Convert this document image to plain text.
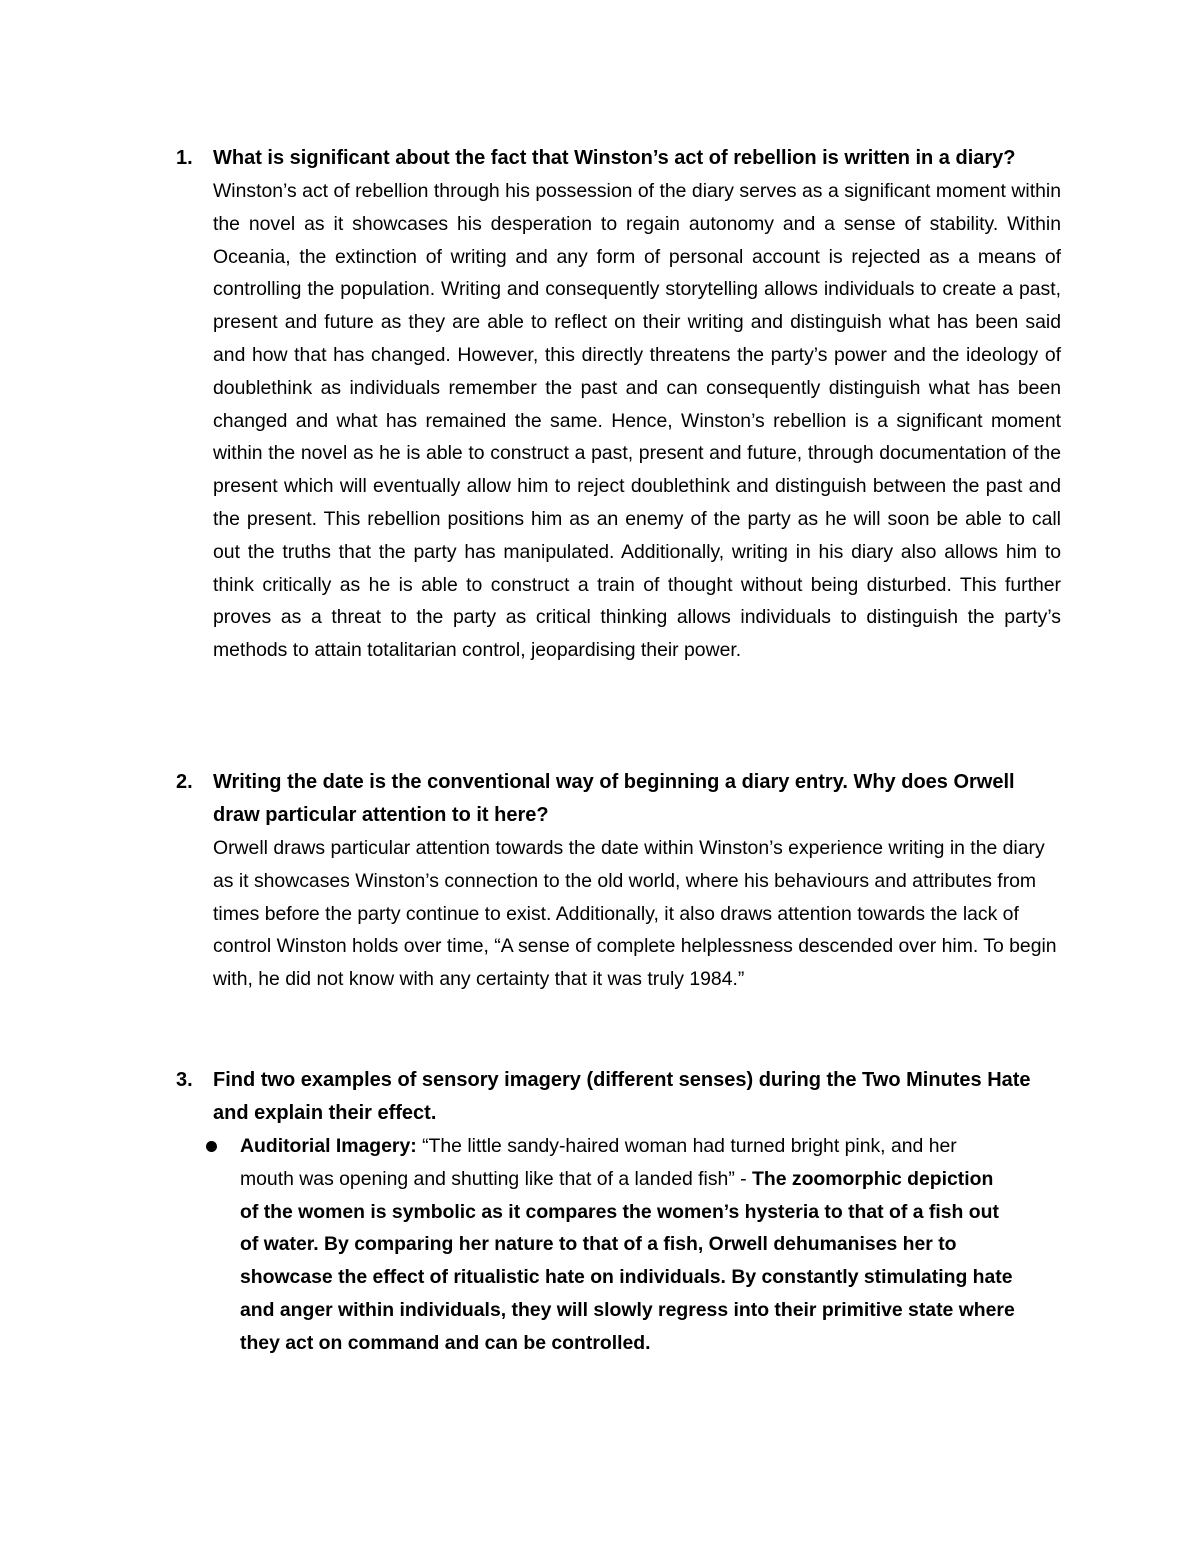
1. What is significant about the fact that Winston’s act of rebellion is written in a diary?

Winston’s act of rebellion through his possession of the diary serves as a significant moment within the novel as it showcases his desperation to regain autonomy and a sense of stability. Within Oceania, the extinction of writing and any form of personal account is rejected as a means of controlling the population. Writing and consequently storytelling allows individuals to create a past, present and future as they are able to reflect on their writing and distinguish what has been said and how that has changed. However, this directly threatens the party’s power and the ideology of doublethink as individuals remember the past and can consequently distinguish what has been changed and what has remained the same. Hence, Winston’s rebellion is a significant moment within the novel as he is able to construct a past, present and future, through documentation of the present which will eventually allow him to reject doublethink and distinguish between the past and the present. This rebellion positions him as an enemy of the party as he will soon be able to call out the truths that the party has manipulated. Additionally, writing in his diary also allows him to think critically as he is able to construct a train of thought without being disturbed. This further proves as a threat to the party as critical thinking allows individuals to distinguish the party’s methods to attain totalitarian control, jeopardising their power.

2. Writing the date is the conventional way of beginning a diary entry. Why does Orwell draw particular attention to it here?

Orwell draws particular attention towards the date within Winston’s experience writing in the diary as it showcases Winston’s connection to the old world, where his behaviours and attributes from times before the party continue to exist. Additionally, it also draws attention towards the lack of control Winston holds over time, “A sense of complete helplessness descended over him. To begin with, he did not know with any certainty that it was truly 1984.”

3. Find two examples of sensory imagery (different senses) during the Two Minutes Hate and explain their effect.

Auditorial Imagery: “The little sandy-haired woman had turned bright pink, and her mouth was opening and shutting like that of a landed fish” - The zoomorphic depiction of the women is symbolic as it compares the women’s hysteria to that of a fish out of water. By comparing her nature to that of a fish, Orwell dehumanises her to showcase the effect of ritualistic hate on individuals. By constantly stimulating hate and anger within individuals, they will slowly regress into their primitive state where they act on command and can be controlled.
